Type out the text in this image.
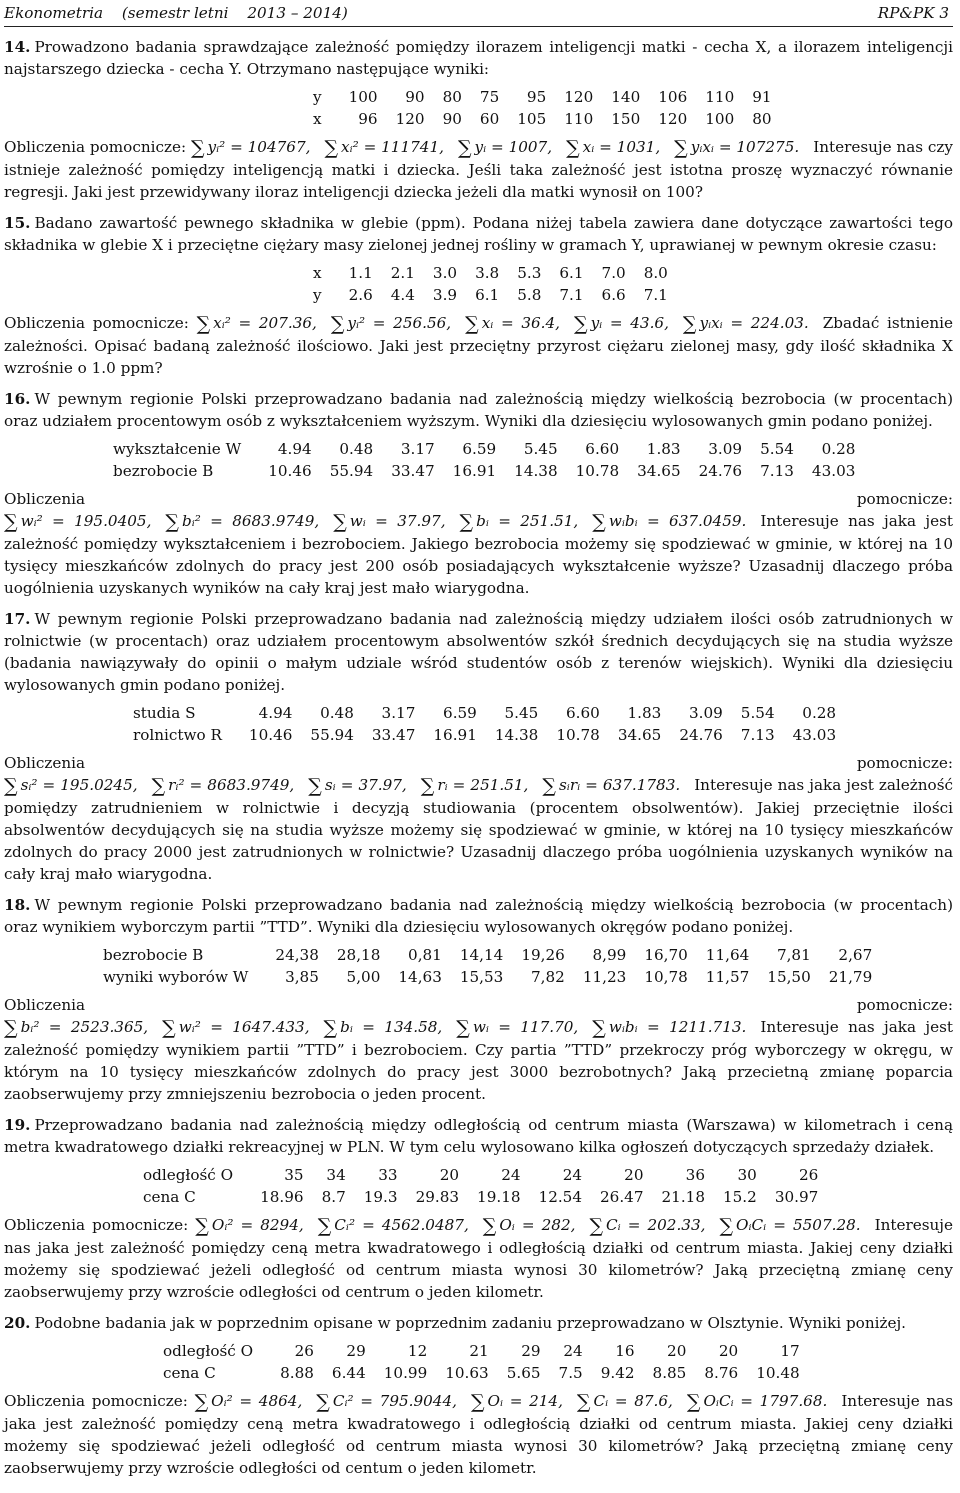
Ekonometria (semestr letni 2013 – 2014)	RP&PK 3

14. Prowadzono badania sprawdzające zależność pomiędzy ilorazem inteligencji matki - cecha X, a ilorazem inteligencji najstarszego dziecka - cecha Y. Otrzymano następujące wyniki:

y	100	90	80	75	95	120	140	106	110	91
x	96	120	90	60	105	110	150	120	100	80

Obliczenia pomocnicze: ∑ yᵢ² = 104767, ∑ xᵢ² = 111741, ∑ yᵢ = 1007, ∑ xᵢ = 1031, ∑ yᵢxᵢ = 107275. Interesuje nas czy istnieje zależność pomiędzy inteligencją matki i dziecka. Jeśli taka zależność jest istotna proszę wyznaczyć równanie regresji. Jaki jest przewidywany iloraz inteligencji dziecka jeżeli dla matki wynosił on 100?

15. Badano zawartość pewnego składnika w glebie (ppm). Podana niżej tabela zawiera dane dotyczące zawartości tego składnika w glebie X i przeciętne ciężary masy zielonej jednej rośliny w gramach Y, uprawianej w pewnym okresie czasu:

x	1.1	2.1	3.0	3.8	5.3	6.1	7.0	8.0
y	2.6	4.4	3.9	6.1	5.8	7.1	6.6	7.1

Obliczenia pomocnicze: ∑ xᵢ² = 207.36, ∑ yᵢ² = 256.56, ∑ xᵢ = 36.4, ∑ yᵢ = 43.6, ∑ yᵢxᵢ = 224.03. Zbadać istnienie zależności. Opisać badaną zależność ilościowo. Jaki jest przeciętny przyrost ciężaru zielonej masy, gdy ilość składnika X wzrośnie o 1.0 ppm?

16. W pewnym regionie Polski przeprowadzano badania nad zależnością między wielkością bezrobocia (w procentach) oraz udziałem procentowym osób z wykształceniem wyższym. Wyniki dla dziesięciu wylosowanych gmin podano poniżej.

wykształcenie W	4.94	0.48	3.17	6.59	5.45	6.60	1.83	3.09	5.54	0.28
bezrobocie B	10.46	55.94	33.47	16.91	14.38	10.78	34.65	24.76	7.13	43.03

Obliczenia pomocnicze: ∑ wᵢ² = 195.0405, ∑ bᵢ² = 8683.9749, ∑ wᵢ = 37.97, ∑ bᵢ = 251.51, ∑ wᵢbᵢ = 637.0459. Interesuje nas jaka jest zależność pomiędzy wykształceniem i bezrobociem. Jakiego bezrobocia możemy się spodziewać w gminie, w której na 10 tysięcy mieszkańców zdolnych do pracy jest 200 osób posiadających wykształcenie wyższe? Uzasadnij dlaczego próba uogólnienia uzyskanych wyników na cały kraj jest mało wiarygodna.

17. W pewnym regionie Polski przeprowadzano badania nad zależnością między udziałem ilości osób zatrudnionych w rolnictwie (w procentach) oraz udziałem procentowym absolwentów szkół średnich decydujących się na studia wyższe (badania nawiązywały do opinii o małym udziale wśród studentów osób z terenów wiejskich). Wyniki dla dziesięciu wylosowanych gmin podano poniżej.

studia S	4.94	0.48	3.17	6.59	5.45	6.60	1.83	3.09	5.54	0.28
rolnictwo R	10.46	55.94	33.47	16.91	14.38	10.78	34.65	24.76	7.13	43.03

Obliczenia pomocnicze: ∑ sᵢ² = 195.0245, ∑ rᵢ² = 8683.9749, ∑ sᵢ = 37.97, ∑ rᵢ = 251.51, ∑ sᵢrᵢ = 637.1783. Interesuje nas jaka jest zależność pomiędzy zatrudnieniem w rolnictwie i decyzją studiowania (procentem obsolwentów). Jakiej przeciętnie ilości absolwentów decydujących się na studia wyższe możemy się spodziewać w gminie, w której na 10 tysięcy mieszkańców zdolnych do pracy 2000 jest zatrudnionych w rolnictwie? Uzasadnij dlaczego próba uogólnienia uzyskanych wyników na cały kraj mało wiarygodna.

18. W pewnym regionie Polski przeprowadzano badania nad zależnością między wielkością bezrobocia (w procentach) oraz wynikiem wyborczym partii ”TTD”. Wyniki dla dziesięciu wylosowanych okręgów podano poniżej.

bezrobocie B	24,38	28,18	0,81	14,14	19,26	8,99	16,70	11,64	7,81	2,67
wyniki wyborów W	3,85	5,00	14,63	15,53	7,82	11,23	10,78	11,57	15,50	21,79

Obliczenia pomocnicze: ∑ bᵢ² = 2523.365, ∑ wᵢ² = 1647.433, ∑ bᵢ = 134.58, ∑ wᵢ = 117.70, ∑ wᵢbᵢ = 1211.713. Interesuje nas jaka jest zależność pomiędzy wynikiem partii ”TTD” i bezrobociem. Czy partia ”TTD” przekroczy próg wyborczegy w okręgu, w którym na 10 tysięcy mieszkańców zdolnych do pracy jest 3000 bezrobotnych? Jaką przecietną zmianę poparcia zaobserwujemy przy zmniejszeniu bezrobocia o jeden procent.

19. Przeprowadzano badania nad zależnością między odległością od centrum miasta (Warszawa) w kilometrach i ceną metra kwadratowego działki rekreacyjnej w PLN. W tym celu wylosowano kilka ogłoszeń dotyczących sprzedaży działek.

odległość O	35	34	33	20	24	24	20	36	30	26
cena C	18.96	8.7	19.3	29.83	19.18	12.54	26.47	21.18	15.2	30.97

Obliczenia pomocnicze: ∑ Oᵢ² = 8294, ∑ Cᵢ² = 4562.0487, ∑ Oᵢ = 282, ∑ Cᵢ = 202.33, ∑ OᵢCᵢ = 5507.28. Interesuje nas jaka jest zależność pomiędzy ceną metra kwadratowego i odległością działki od centrum miasta. Jakiej ceny działki możemy się spodziewać jeżeli odległość od centrum miasta wynosi 30 kilometrów? Jaką przeciętną zmianę ceny zaobserwujemy przy wzroście odległości od centrum o jeden kilometr.

20. Podobne badania jak w poprzednim opisane w poprzednim zadaniu przeprowadzano w Olsztynie. Wyniki poniżej.

odległość O	26	29	12	21	29	24	16	20	20	17
cena C	8.88	6.44	10.99	10.63	5.65	7.5	9.42	8.85	8.76	10.48

Obliczenia pomocnicze: ∑ Oᵢ² = 4864, ∑ Cᵢ² = 795.9044, ∑ Oᵢ = 214, ∑ Cᵢ = 87.6, ∑ OᵢCᵢ = 1797.68. Interesuje nas jaka jest zależność pomiędzy ceną metra kwadratowego i odległością działki od centrum miasta. Jakiej ceny działki możemy się spodziewać jeżeli odległość od centrum miasta wynosi 30 kilometrów? Jaką przeciętną zmianę ceny zaobserwujemy przy wzroście odległości od centum o jeden kilometr.
